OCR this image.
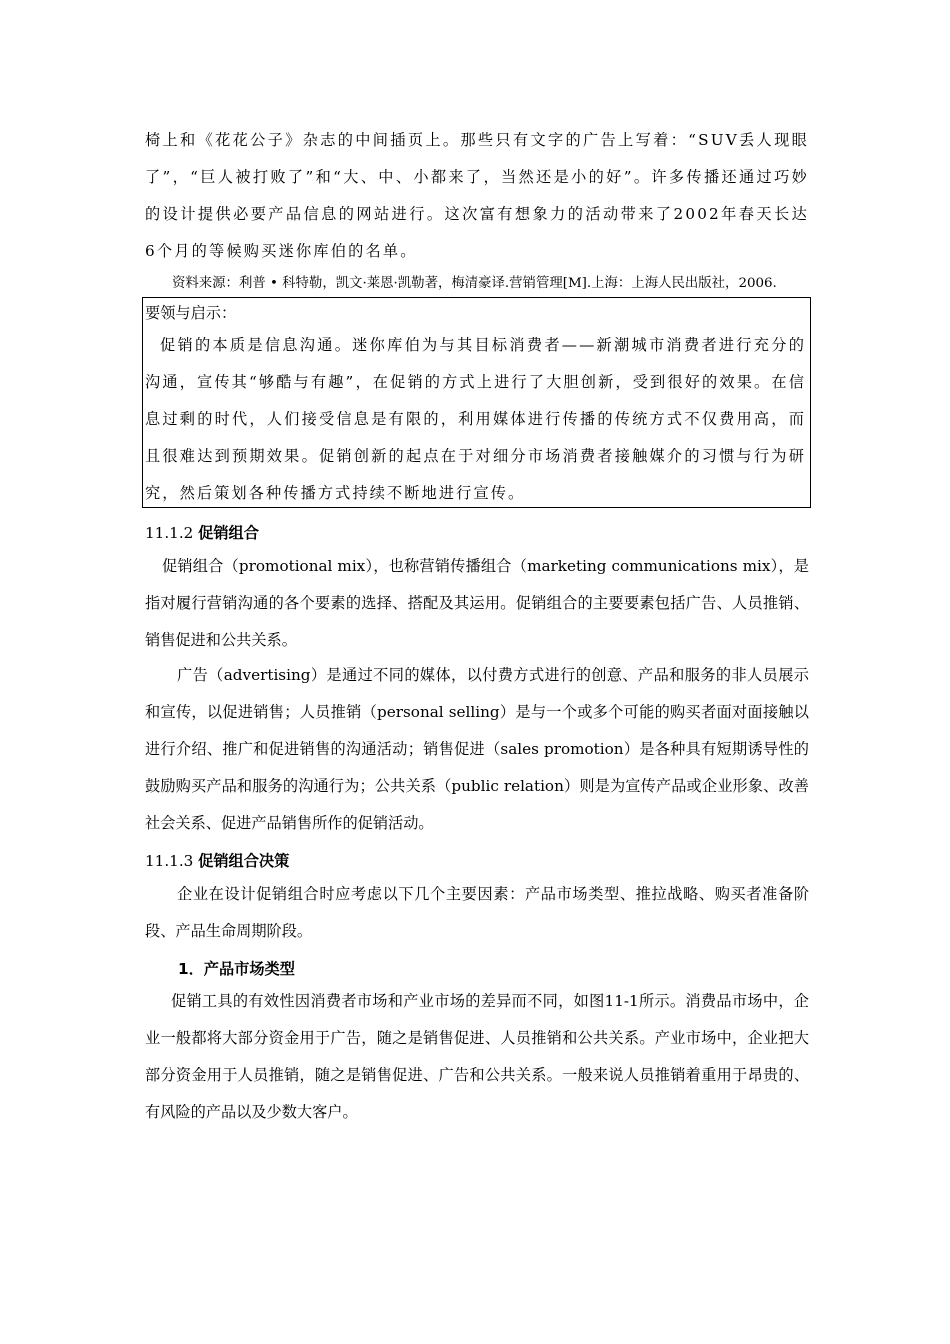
椅上和《花花公子》杂志的中间插页上。那些只有文字的广告上写着：“SUV丢人现眼了”，“巨人被打败了”和“大、中、小都来了，当然还是小的好”。许多传播还通过巧妙的设计提供必要产品信息的网站进行。这次富有想象力的活动带来了2002年春天长达6个月的等候购买迷你库伯的名单。

资料来源：利普 • 科特勒，凯文·莱恩·凯勒著，梅清豪译.营销管理[M].上海：上海人民出版社，2006.

要领与启示：

促销的本质是信息沟通。迷你库伯为与其目标消费者——新潮城市消费者进行充分的沟通，宣传其“够酷与有趣”，在促销的方式上进行了大胆创新，受到很好的效果。在信息过剩的时代，人们接受信息是有限的，利用媒体进行传播的传统方式不仅费用高，而且很难达到预期效果。促销创新的起点在于对细分市场消费者接触媒介的习惯与行为研究，然后策划各种传播方式持续不断地进行宣传。

11.1.2 促销组合

促销组合（promotional mix），也称营销传播组合（marketing communications mix），是指对履行营销沟通的各个要素的选择、搭配及其运用。促销组合的主要要素包括广告、人员推销、销售促进和公共关系。

广告（advertising）是通过不同的媒体，以付费方式进行的创意、产品和服务的非人员展示和宣传，以促进销售；人员推销（personal selling）是与一个或多个可能的购买者面对面接触以进行介绍、推广和促进销售的沟通活动；销售促进（sales promotion）是各种具有短期诱导性的鼓励购买产品和服务的沟通行为；公共关系（public relation）则是为宣传产品或企业形象、改善社会关系、促进产品销售所作的促销活动。

11.1.3 促销组合决策

企业在设计促销组合时应考虑以下几个主要因素：产品市场类型、推拉战略、购买者准备阶段、产品生命周期阶段。

1．产品市场类型

促销工具的有效性因消费者市场和产业市场的差异而不同，如图11-1所示。消费品市场中，企业一般都将大部分资金用于广告，随之是销售促进、人员推销和公共关系。产业市场中，企业把大部分资金用于人员推销，随之是销售促进、广告和公共关系。一般来说人员推销着重用于昂贵的、有风险的产品以及少数大客户。
